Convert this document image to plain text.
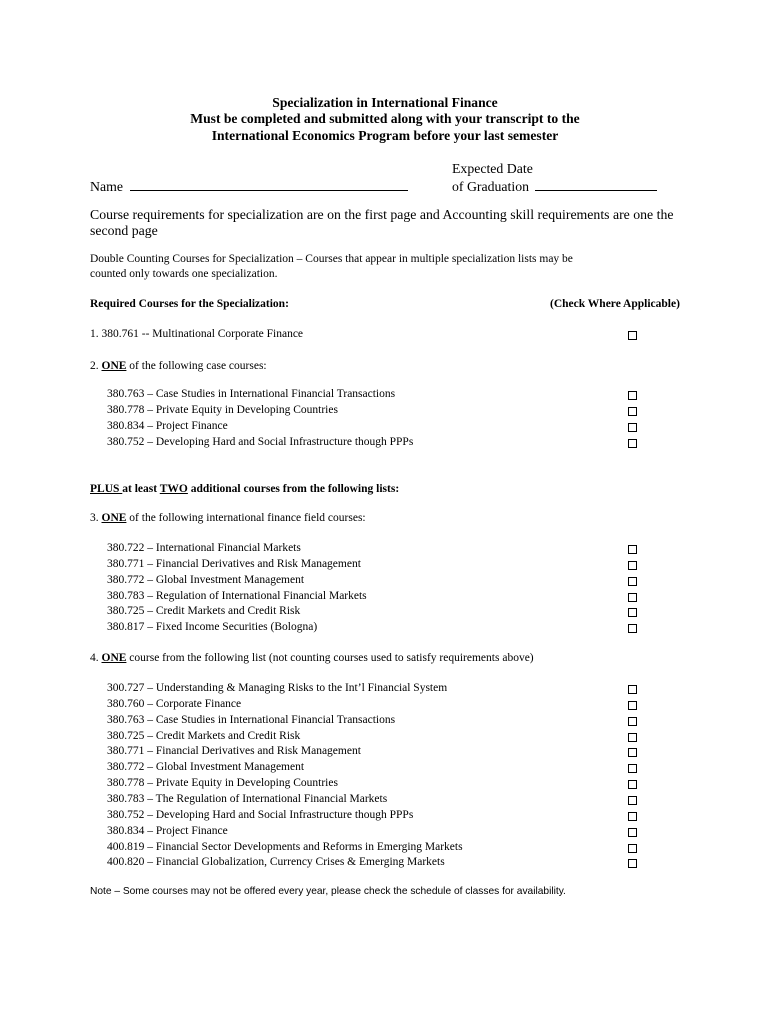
Specialization in International Finance
Must be completed and submitted along with your transcript to the
International Economics Program before your last semester
Name
Expected Date
of Graduation
Course requirements for specialization are on the first page and Accounting skill requirements are one the
second page
Double Counting Courses for Specialization – Courses that appear in multiple specialization lists may be
counted only towards one specialization.
Required Courses for the Specialization:	(Check Where Applicable)
1. 380.761 -- Multinational Corporate Finance
2. ONE of the following case courses:
380.763 – Case Studies in International Financial Transactions
380.778 – Private Equity in Developing Countries
380.834 – Project Finance
380.752 – Developing Hard and Social Infrastructure though PPPs
PLUS at least TWO additional courses from the following lists:
3. ONE of the following international finance field courses:
380.722 – International Financial Markets
380.771 – Financial Derivatives and Risk Management
380.772 – Global Investment Management
380.783 – Regulation of International Financial Markets
380.725 – Credit Markets and Credit Risk
380.817 – Fixed Income Securities (Bologna)
4. ONE course from the following list (not counting courses used to satisfy requirements above)
300.727 – Understanding & Managing Risks to the Int’l Financial System
380.760 – Corporate Finance
380.763 – Case Studies in International Financial Transactions
380.725 – Credit Markets and Credit Risk
380.771 – Financial Derivatives and Risk Management
380.772 – Global Investment Management
380.778 – Private Equity in Developing Countries
380.783 – The Regulation of International Financial Markets
380.752 – Developing Hard and Social Infrastructure though PPPs
380.834 – Project Finance
400.819 – Financial Sector Developments and Reforms in Emerging Markets
400.820 – Financial Globalization, Currency Crises & Emerging Markets
Note – Some courses may not be offered every year, please check the schedule of classes for availability.
